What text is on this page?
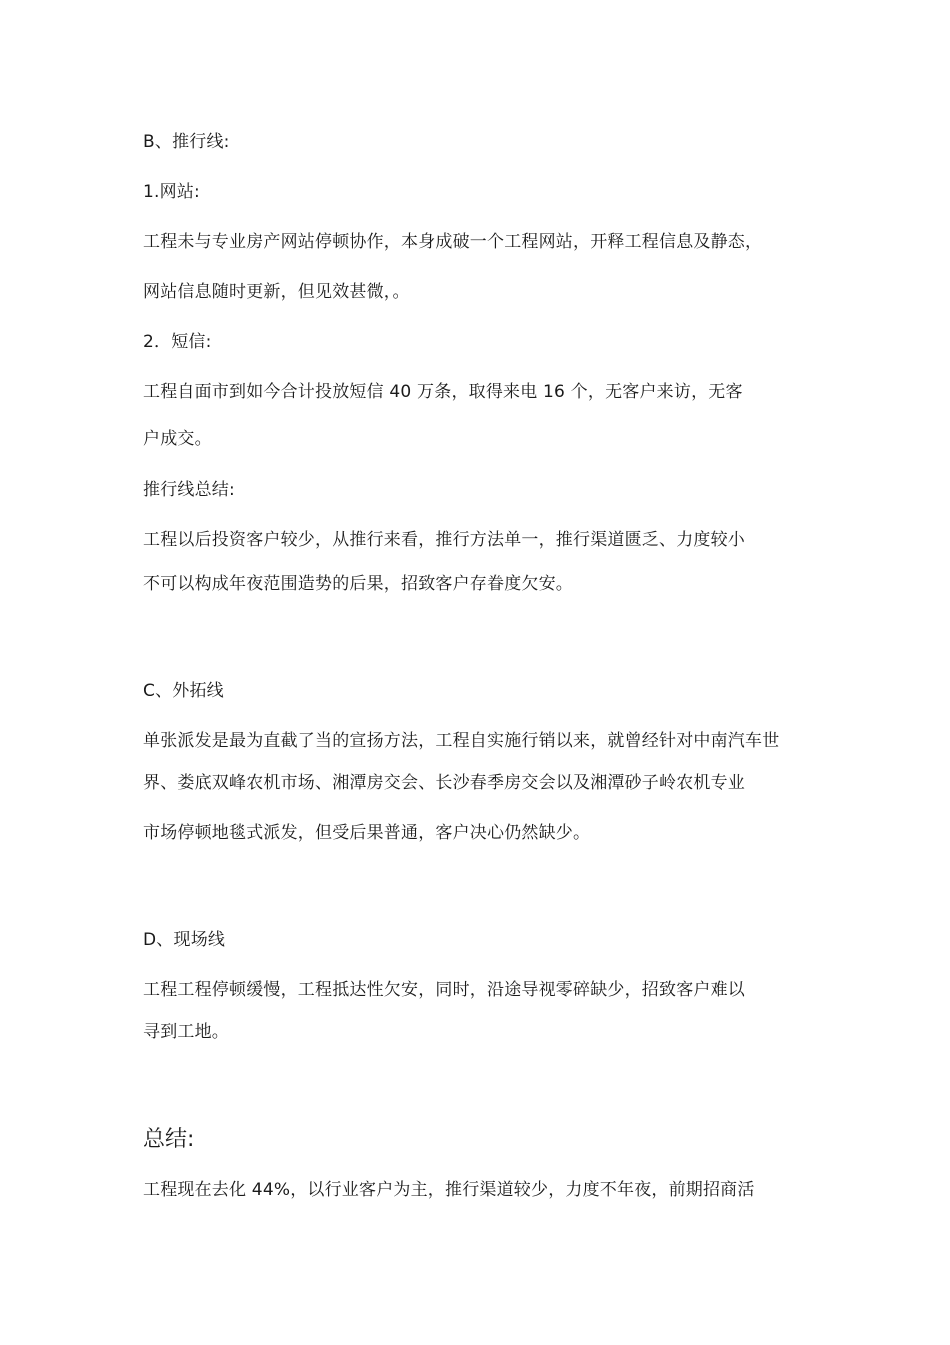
B、推行线:
1.网站:
工程未与专业房产网站停顿协作，本身成破一个工程网站，开释工程信息及静态，
网站信息随时更新，但见效甚微，。
2．短信:
工程自面市到如今合计投放短信 40 万条，取得来电 16 个，无客户来访，无客
户成交。
推行线总结:
工程以后投资客户较少，从推行来看，推行方法单一，推行渠道匮乏、力度较小
不可以构成年夜范围造势的后果，招致客户存眷度欠安。
C、外拓线
单张派发是最为直截了当的宣扬方法，工程自实施行销以来，就曾经针对中南汽车世
界、娄底双峰农机市场、湘潭房交会、长沙春季房交会以及湘潭砂子岭农机专业
市场停顿地毯式派发，但受后果普通，客户决心仍然缺少。
D、现场线
工程工程停顿缓慢，工程抵达性欠安，同时，沿途导视零碎缺少，招致客户难以
寻到工地。
总结:
工程现在去化 44%，以行业客户为主，推行渠道较少，力度不年夜，前期招商活
